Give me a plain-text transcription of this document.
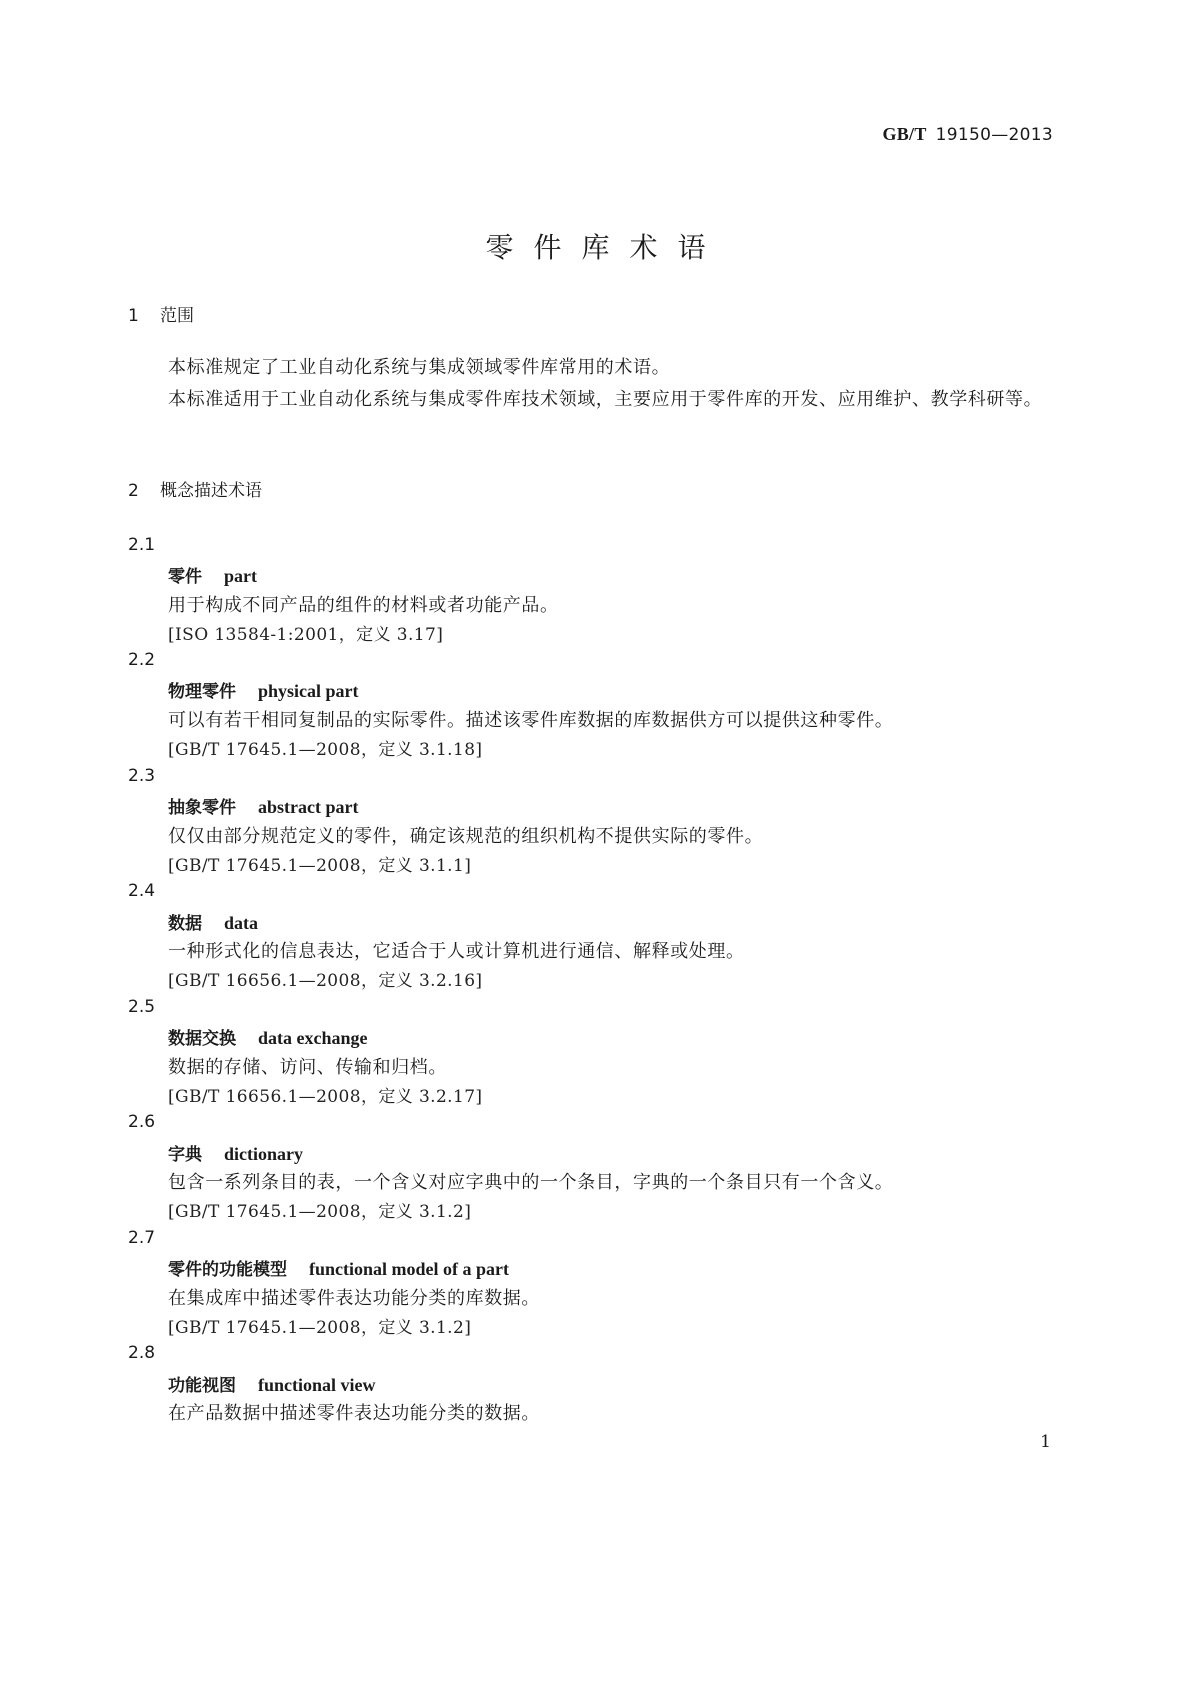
GB/T 19150—2013
零件库术语
1 范围
本标准规定了工业自动化系统与集成领域零件库常用的术语。
本标准适用于工业自动化系统与集成零件库技术领域，主要应用于零件库的开发、应用维护、教学科研等。
2 概念描述术语
2.1
零件 part
用于构成不同产品的组件的材料或者功能产品。
[ISO 13584-1:2001，定义 3.17]
2.2
物理零件 physical part
可以有若干相同复制品的实际零件。描述该零件库数据的库数据供方可以提供这种零件。
[GB/T 17645.1—2008，定义 3.1.18]
2.3
抽象零件 abstract part
仅仅由部分规范定义的零件，确定该规范的组织机构不提供实际的零件。
[GB/T 17645.1—2008，定义 3.1.1]
2.4
数据 data
一种形式化的信息表达，它适合于人或计算机进行通信、解释或处理。
[GB/T 16656.1—2008，定义 3.2.16]
2.5
数据交换 data exchange
数据的存储、访问、传输和归档。
[GB/T 16656.1—2008，定义 3.2.17]
2.6
字典 dictionary
包含一系列条目的表，一个含义对应字典中的一个条目，字典的一个条目只有一个含义。
[GB/T 17645.1—2008，定义 3.1.2]
2.7
零件的功能模型 functional model of a part
在集成库中描述零件表达功能分类的库数据。
[GB/T 17645.1—2008，定义 3.1.2]
2.8
功能视图 functional view
在产品数据中描述零件表达功能分类的数据。
1
